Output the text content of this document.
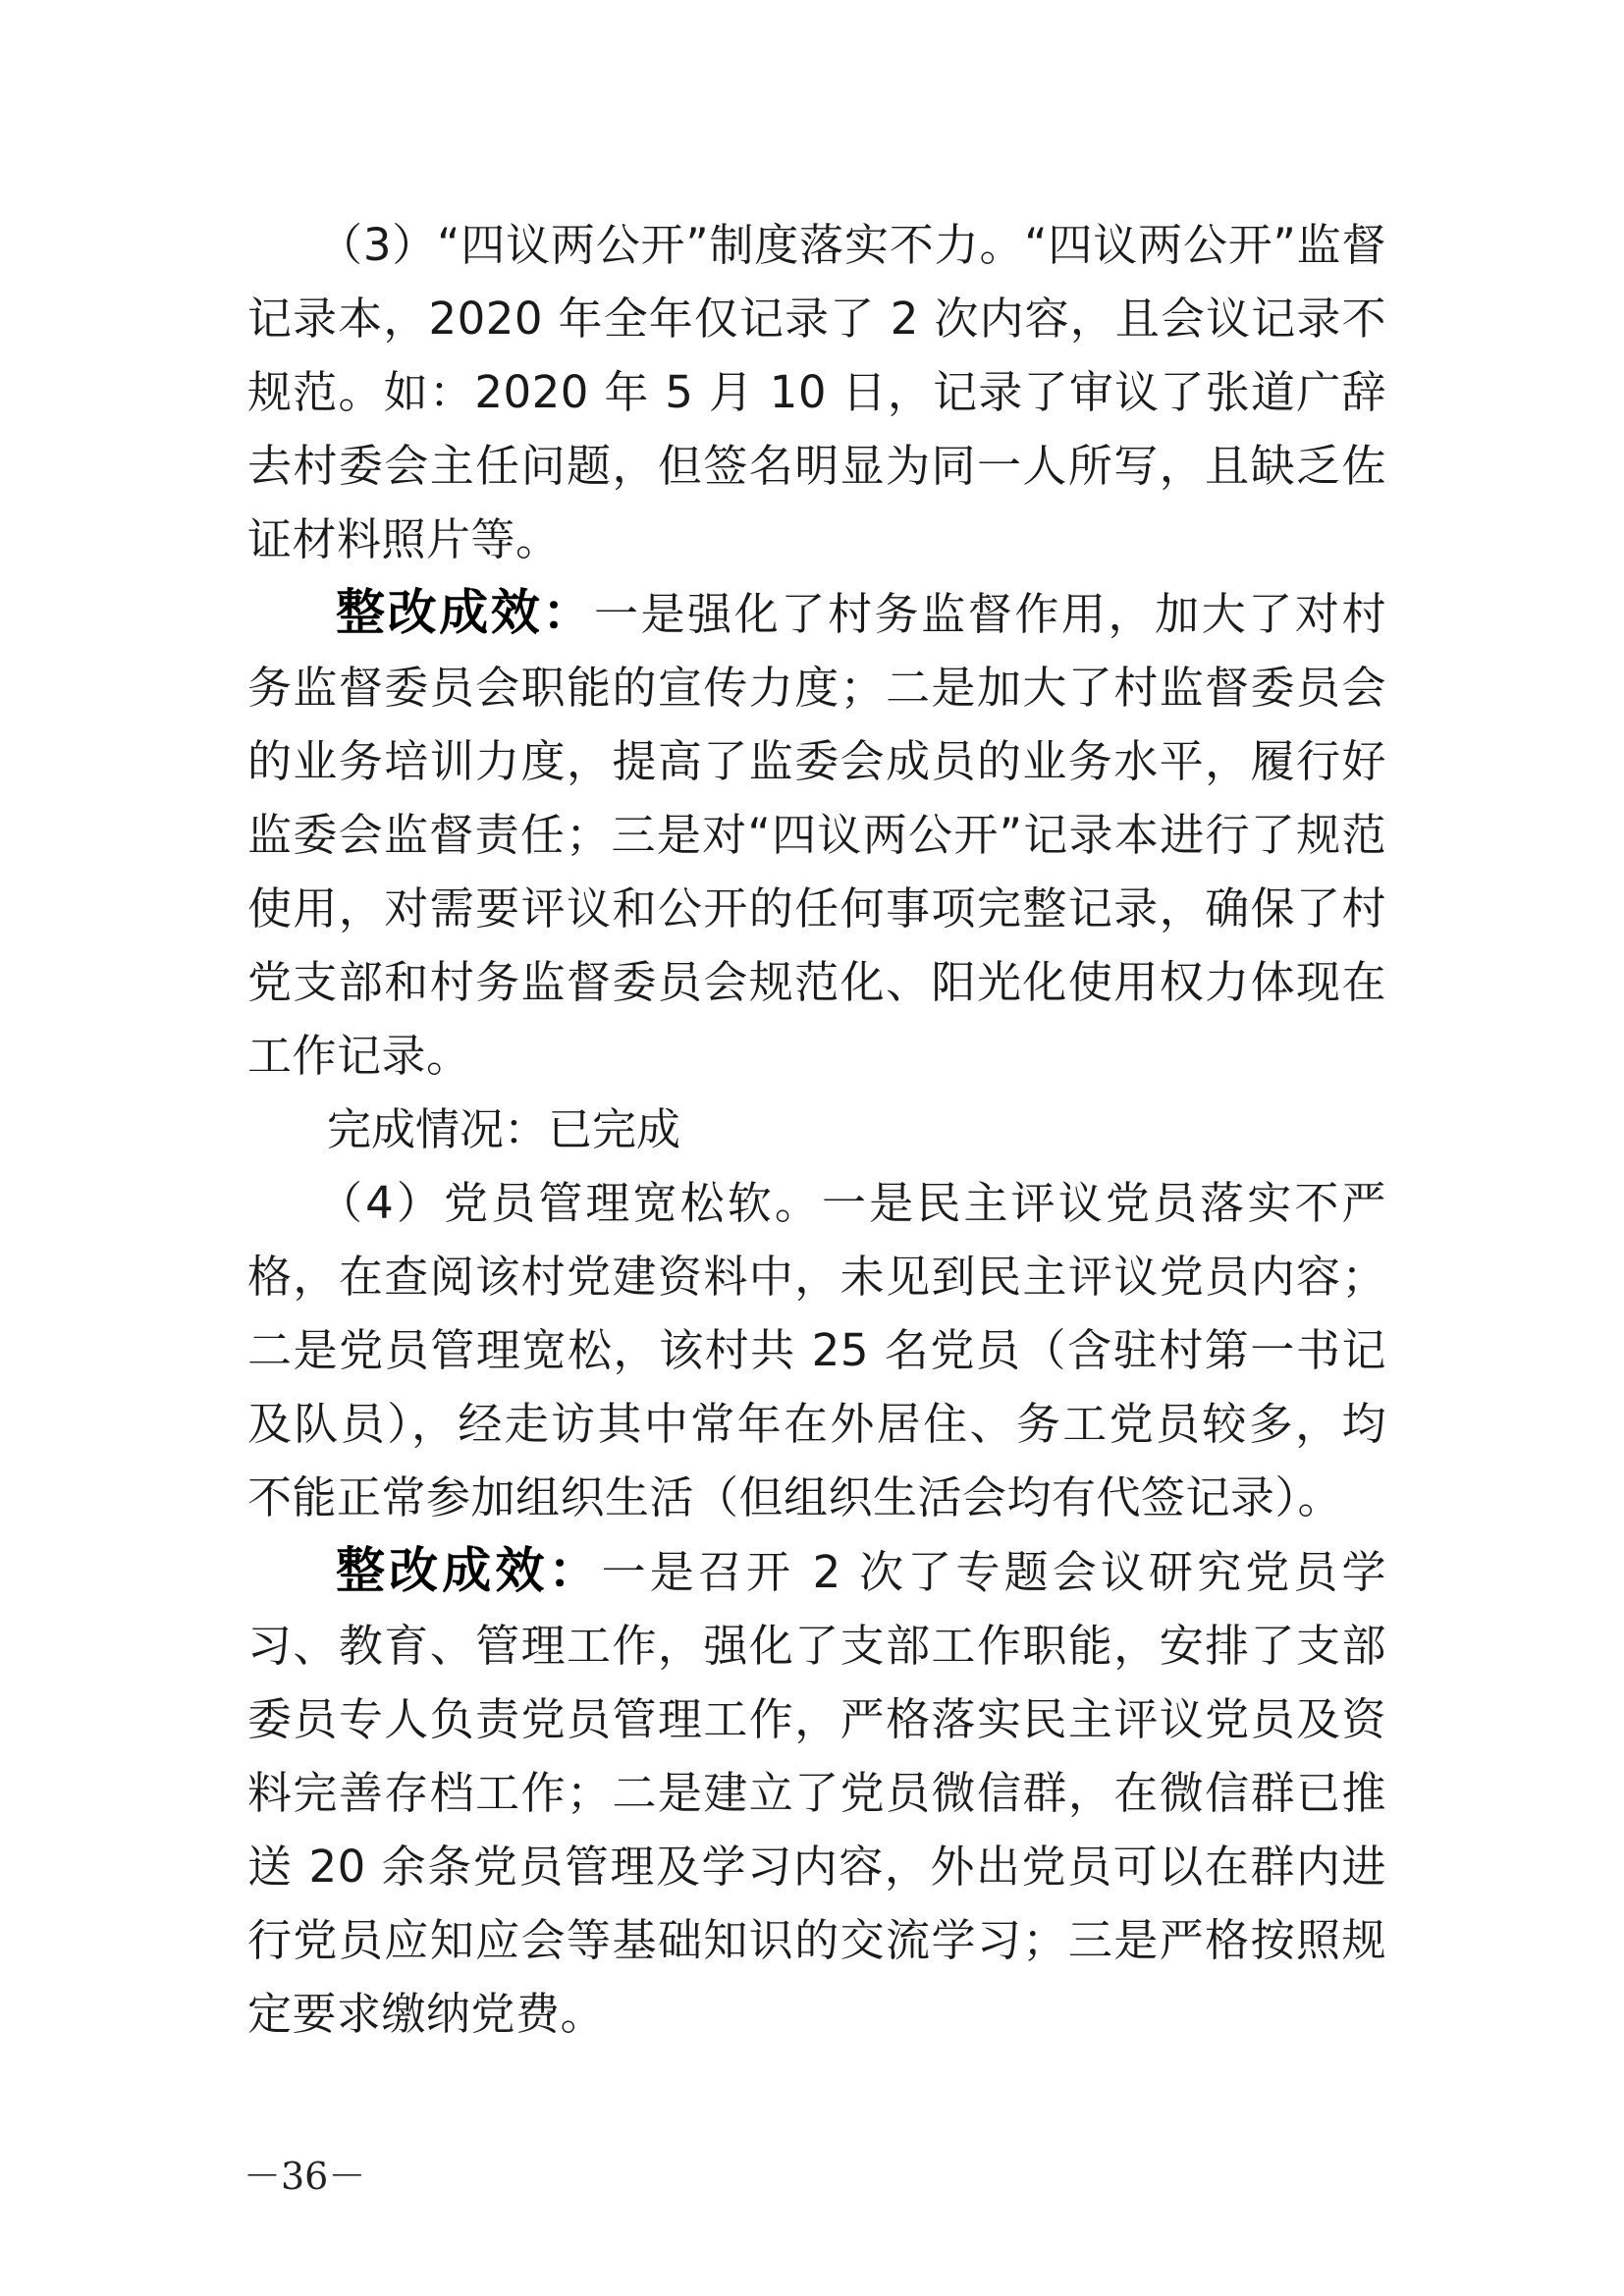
（3）“四议两公开”制度落实不力。“四议两公开”监督记录本，2020 年全年仅记录了 2 次内容，且会议记录不规范。如：2020 年 5 月 10 日，记录了审议了张道广辞去村委会主任问题，但签名明显为同一人所写，且缺乏佐证材料照片等。

整改成效：一是强化了村务监督作用，加大了对村务监督委员会职能的宣传力度；二是加大了村监督委员会的业务培训力度，提高了监委会成员的业务水平，履行好监委会监督责任；三是对“四议两公开”记录本进行了规范使用，对需要评议和公开的任何事项完整记录，确保了村党支部和村务监督委员会规范化、阳光化使用权力体现在工作记录。

完成情况：已完成

（4）党员管理宽松软。一是民主评议党员落实不严格，在查阅该村党建资料中，未见到民主评议党员内容；二是党员管理宽松，该村共 25 名党员（含驻村第一书记及队员），经走访其中常年在外居住、务工党员较多，均不能正常参加组织生活（但组织生活会均有代签记录）。

整改成效：一是召开 2 次了专题会议研究党员学习、教育、管理工作，强化了支部工作职能，安排了支部委员专人负责党员管理工作，严格落实民主评议党员及资料完善存档工作；二是建立了党员微信群，在微信群已推送 20 余条党员管理及学习内容，外出党员可以在群内进行党员应知应会等基础知识的交流学习；三是严格按照规定要求缴纳党费。

－36－
